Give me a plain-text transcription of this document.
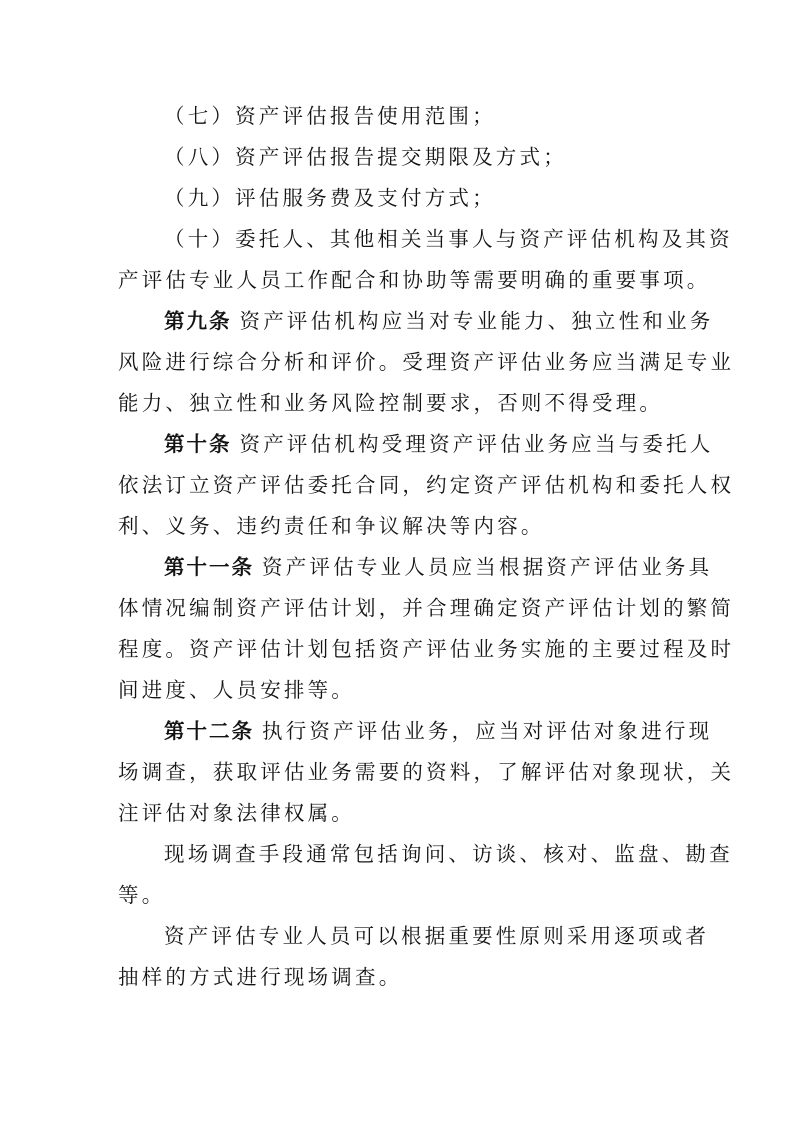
（七）资产评估报告使用范围；
（八）资产评估报告提交期限及方式；
（九）评估服务费及支付方式；
（十）委托人、其他相关当事人与资产评估机构及其资
产评估专业人员工作配合和协助等需要明确的重要事项。
第九条 资产评估机构应当对专业能力、独立性和业务
风险进行综合分析和评价。受理资产评估业务应当满足专业
能力、独立性和业务风险控制要求，否则不得受理。
第十条 资产评估机构受理资产评估业务应当与委托人
依法订立资产评估委托合同，约定资产评估机构和委托人权
利、义务、违约责任和争议解决等内容。
第十一条 资产评估专业人员应当根据资产评估业务具
体情况编制资产评估计划，并合理确定资产评估计划的繁简
程度。资产评估计划包括资产评估业务实施的主要过程及时
间进度、人员安排等。
第十二条 执行资产评估业务，应当对评估对象进行现
场调查，获取评估业务需要的资料，了解评估对象现状，关
注评估对象法律权属。
现场调查手段通常包括询问、访谈、核对、监盘、勘查
等。
资产评估专业人员可以根据重要性原则采用逐项或者
抽样的方式进行现场调查。
